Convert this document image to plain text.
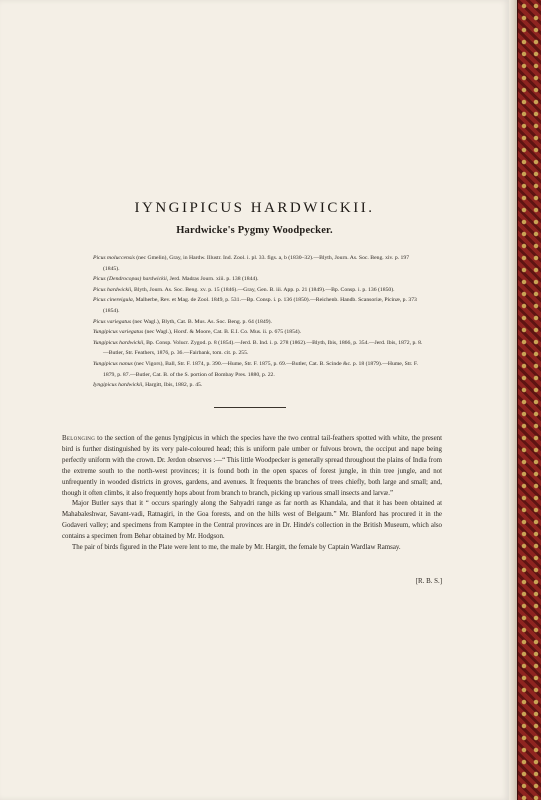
IYNGIPICUS HARDWICKII.
Hardwicke's Pygmy Woodpecker.
Picus moluccensis (nec Gmelin), Gray, in Hardw. Illustr. Ind. Zool. i. pl. 33. figs. a, b (1830–32).—Blyth, Journ. As. Soc. Beng. xiv. p. 197 (1845).
Picus (Dendrocopus) hardwickii, Jerd. Madras Journ. xiii. p. 138 (1844).
Picus hardwickii, Blyth, Journ. As. Soc. Beng. xv. p. 15 (1846).—Gray, Gen. B. iii. App. p. 21 (1849).—Bp. Consp. i. p. 136 (1850).
Picus cinereigula, Malherbe, Rev. et Mag. de Zool. 1849, p. 531.—Bp. Consp. i. p. 136 (1850).—Reichenb. Handb. Scansoriæ, Picinæ, p. 373 (1854).
Picus variegatus (nec Wagl.), Blyth, Cat. B. Mus. As. Soc. Beng. p. 64 (1849).
Yungipicus variegatus (nec Wagl.), Horsf. & Moore, Cat. B. E.I. Co. Mus. ii. p. 675 (1854).
Yungipicus hardwickii, Bp. Consp. Volucr. Zygod. p. 8 (1854).—Jerd. B. Ind. i. p. 278 (1862).—Blyth, Ibis, 1866, p. 354.—Jerd. Ibis, 1872, p. 8.—Butler, Str. Feathers, 1876, p. 36.—Fairbank, tom. cit. p. 255.
Yungipicus nanus (nec Vigors), Ball, Str. F. 1874, p. 390.—Hume, Str. F. 1875, p. 69.—Butler, Cat. B. Scinde &c. p. 18 (1879).—Hume, Str. F. 1879, p. 87.—Butler, Cat. B. of the S. portion of Bombay Pres. 1880, p. 22.
Iyngipicus hardwickii, Hargitt, Ibis, 1882, p. 45.

Belonging to the section of the genus Iyngipicus in which the species have the two central tail-feathers spotted with white, the present bird is further distinguished by its very pale-coloured head; this is uniform pale umber or fulvous brown, the occiput and nape being perfectly uniform with the crown. Dr. Jerdon observes :—“ This little Woodpecker is generally spread throughout the plains of India from the extreme south to the north-west provinces; it is found both in the open spaces of forest jungle, in thin tree jungle, and not unfrequently in wooded districts in groves, gardens, and avenues. It frequents the branches of trees chiefly, both large and small; and, though it often climbs, it also frequently hops about from branch to branch, picking up various small insects and larvæ.”

Major Butler says that it “ occurs sparingly along the Sahyadri range as far north as Khandala, and that it has been obtained at Mahabaleshwar, Savant-vadi, Ratnagiri, in the Goa forests, and on the hills west of Belgaum.” Mr. Blanford has procured it in the Godaveri valley; and specimens from Kamptee in the Central provinces are in Dr. Hinde's collection in the British Museum, which also contains a specimen from Behar obtained by Mr. Hodgson.

The pair of birds figured in the Plate were lent to me, the male by Mr. Hargitt, the female by Captain Wardlaw Ramsay.

[R. B. S.]
